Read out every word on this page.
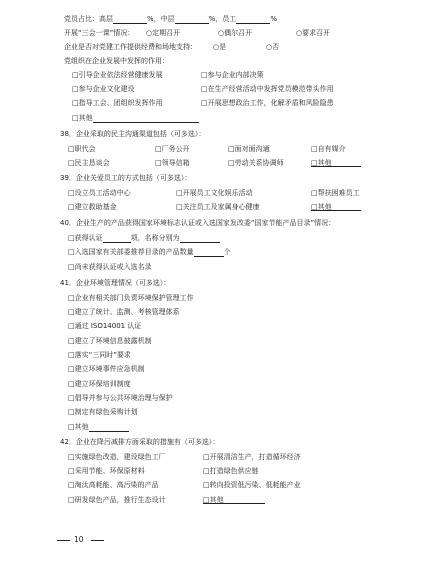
党员占比：高层	%，中层	%，员工	%
开展“三会一课”情况： ○定期召开	○偶尔召开	○要求召开
企业是否对党建工作提供经费和场地支持： ○是	○否
党组织在企业发展中发挥的作用：
□引导企业依法经营健康发展	□参与企业内部决策
□参与企业文化建设	□在生产经营活动中发挥党员模范带头作用
□指导工会、团组织发挥作用	□开展思想政治工作，化解矛盾和风险隐患
□其他
38．企业采取的民主沟通渠道包括（可多选）：
□职代会	□厂务公开	□面对面沟通	□自有媒介
□民主恳谈会	□领导信箱	□劳动关系协调师	□其他
39．企业关爱员工的方式包括（可多选）：
□设立员工活动中心	□开展员工文化娱乐活动	□帮扶困难员工
□建立救助基金	□关注员工及家属身心健康	□其他
40．企业生产的产品获得国家环境标志认证或入选国家发改委“国家节能产品目录”情况：
□获得认证	项，名称分别为
□入选国家有关部委推荐目录的产品数量	个
□尚未获得认证或入选名录
41．企业环境管理情况（可多选）：
□企业有相关部门负责环境保护管理工作
□建立了统计、监测、考核管理体系
□通过 ISO14001 认证
□建立了环境信息披露机制
□落实“三同时”要求
□建立环境事件应急机制
□建立环保培训制度
□倡导并参与公共环境治理与保护
□制定有绿色采购计划
□其他
42．企业在降污减排方面采取的措施有（可多选）：
□实施绿色改造，建设绿色工厂	□开展清洁生产，打造循环经济
□采用节能、环保原材料	□打造绿色供应链
□淘汰高耗能、高污染的产品	□转向投资低污染、低耗能产业
□研发绿色产品，推行生态设计	□其他
10
